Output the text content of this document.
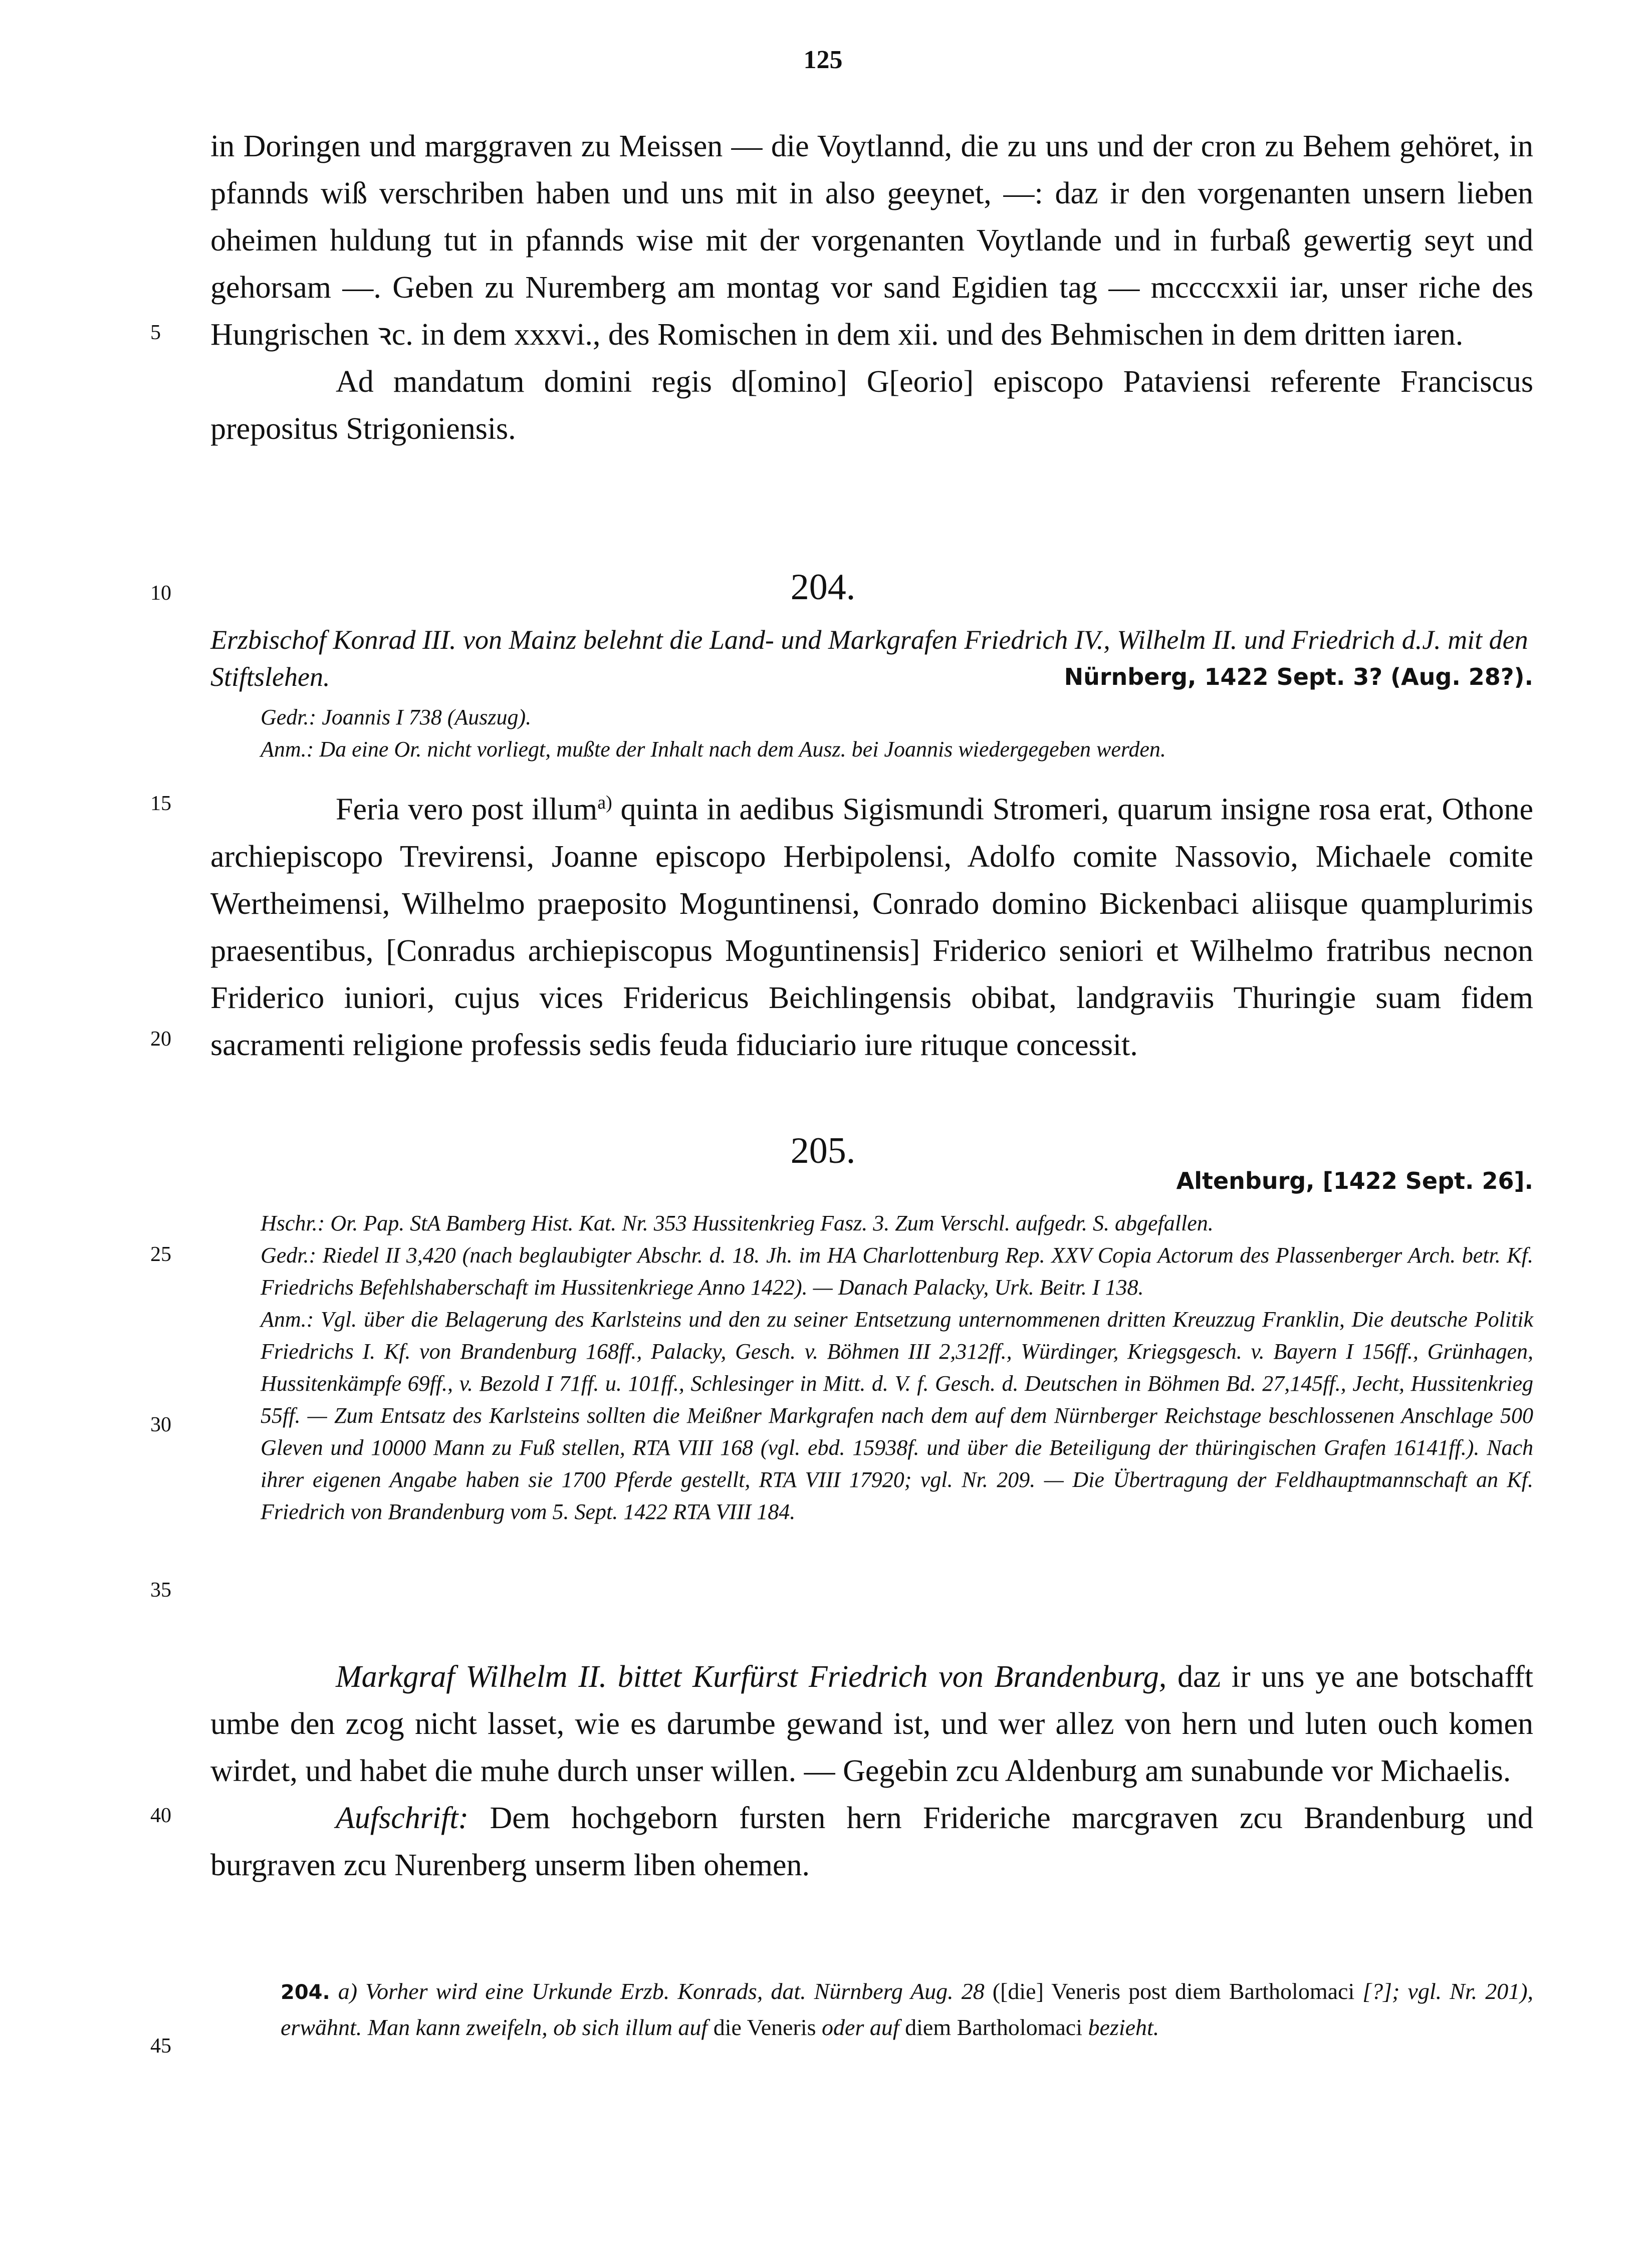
125

in Doringen und marggraven zu Meissen — die Voytlannd, die zu uns und der cron zu Behem gehöret, in pfannds wiß verschriben haben und uns mit in also geeynet, —: daz ir den vorgenanten unsern lieben oheimen huldung tut in pfannds wise mit der vorgenanten Voytlande und in furbaß gewertig seyt und gehorsam —. Geben zu Nuremberg am montag vor sand Egidien tag — mccccxxii iar, unser riche des Hungrischen ꝛc. in dem xxxvi., des Romischen in dem xii. und des Behmischen in dem dritten iaren.

Ad mandatum domini regis d[omino] G[eorio] episcopo Pataviensi referente Franciscus prepositus Strigoniensis.

204.
Erzbischof Konrad III. von Mainz belehnt die Land- und Markgrafen Friedrich IV., Wilhelm II. und Friedrich d.J. mit den Stiftslehen.	Nürnberg, 1422 Sept. 3? (Aug. 28?).

Gedr.: Joannis I 738 (Auszug).

Anm.: Da eine Or. nicht vorliegt, mußte der Inhalt nach dem Ausz. bei Joannis wiedergegeben werden.

Feria vero post illum$^{a)}$ quinta in aedibus Sigismundi Stromeri, quarum insigne rosa erat, Othone archiepiscopo Trevirensi, Joanne episcopo Herbipolensi, Adolfo comite Nassovio, Michaele comite Wertheimensi, Wilhelmo praeposito Moguntinensi, Conrado domino Bickenbaci aliisque quamplurimis praesentibus, [Conradus archiepiscopus Moguntinensis] Friderico seniori et Wilhelmo fratribus necnon Friderico iuniori, cujus vices Fridericus Beichlingensis obibat, landgraviis Thuringie suam fidem sacramenti religione professis sedis feuda fiduciario iure rituque concessit.

205.
Altenburg, [1422 Sept. 26].

Hschr.: Or. Pap. StA Bamberg Hist. Kat. Nr. 353 Hussitenkrieg Fasz. 3. Zum Verschl. aufgedr. S. abgefallen.

Gedr.: Riedel II 3,420 (nach beglaubigter Abschr. d. 18. Jh. im HA Charlottenburg Rep. XXV Copia Actorum des Plassenberger Arch. betr. Kf. Friedrichs Befehlshaberschaft im Hussitenkriege Anno 1422). — Danach Palacky, Urk. Beitr. I 138.

Anm.: Vgl. über die Belagerung des Karlsteins und den zu seiner Entsetzung unternommenen dritten Kreuzzug Franklin, Die deutsche Politik Friedrichs I. Kf. von Brandenburg 168ff., Palacky, Gesch. v. Böhmen III 2,312ff., Würdinger, Kriegsgesch. v. Bayern I 156ff., Grünhagen, Hussitenkämpfe 69ff., v. Bezold I 71ff. u. 101ff., Schlesinger in Mitt. d. V. f. Gesch. d. Deutschen in Böhmen Bd. 27,145ff., Jecht, Hussitenkrieg 55ff. — Zum Entsatz des Karlsteins sollten die Meißner Markgrafen nach dem auf dem Nürnberger Reichstage beschlossenen Anschlage 500 Gleven und 10000 Mann zu Fuß stellen, RTA VIII 168 (vgl. ebd. 15938f. und über die Beteiligung der thüringischen Grafen 16141ff.). Nach ihrer eigenen Angabe haben sie 1700 Pferde gestellt, RTA VIII 17920; vgl. Nr. 209. — Die Übertragung der Feldhauptmannschaft an Kf. Friedrich von Brandenburg vom 5. Sept. 1422 RTA VIII 184.

Markgraf Wilhelm II. bittet Kurfürst Friedrich von Brandenburg, daz ir uns ye ane botschafft umbe den zcog nicht lasset, wie es darumbe gewand ist, und wer allez von hern und luten ouch komen wirdet, und habet die muhe durch unser willen. — Gegebin zcu Aldenburg am sunabunde vor Michaelis.

Aufschrift: Dem hochgeborn fursten hern Frideriche marcgraven zcu Brandenburg und burgraven zcu Nurenberg unserm liben ohemen.

204. a) Vorher wird eine Urkunde Erzb. Konrads, dat. Nürnberg Aug. 28 ([die] Veneris post diem Bartholomaci [?]; vgl. Nr. 201), erwähnt. Man kann zweifeln, ob sich illum auf die Veneris oder auf diem Bartholomaci bezieht.
5
10
15
20
25
30
35
40
45
